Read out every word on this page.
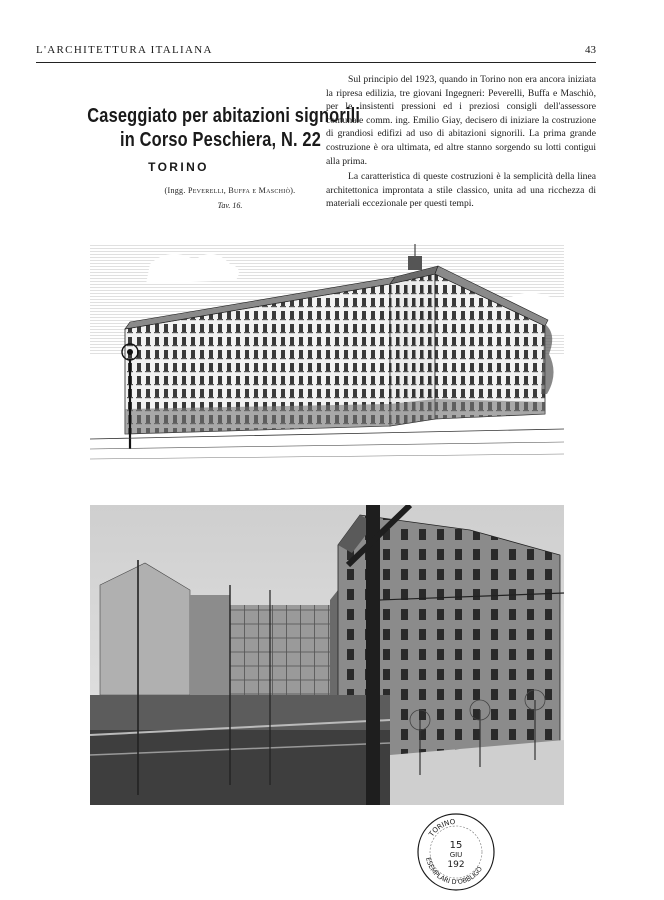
L'ARCHITETTURA ITALIANA	43
Caseggiato per abitazioni signorili
in Corso Peschiera, N. 22
TORINO
(Ingg. Peverelli, Buffa e Maschiò).
Tav. 16.

Sul principio del 1923, quando in Torino non era ancora iniziata la ripresa edilizia, tre giovani Ingegneri: Peverelli, Buffa e Maschiò, per le insistenti pressioni ed i preziosi consigli dell'assessore comunale comm. ing. Emilio Giay, decisero di iniziare la costruzione di grandiosi edifizi ad uso di abitazioni signorili. La prima grande costruzione è ora ultimata, ed altre stanno sorgendo su lotti contigui alla prima.

La caratteristica di queste costruzioni è la semplicità della linea architettonica improntata a stile classico, unita ad una ricchezza di materiali eccezionale per questi tempi.

TORINO
ESEMPLARI D'OBBLIGO
15
GIU
192
